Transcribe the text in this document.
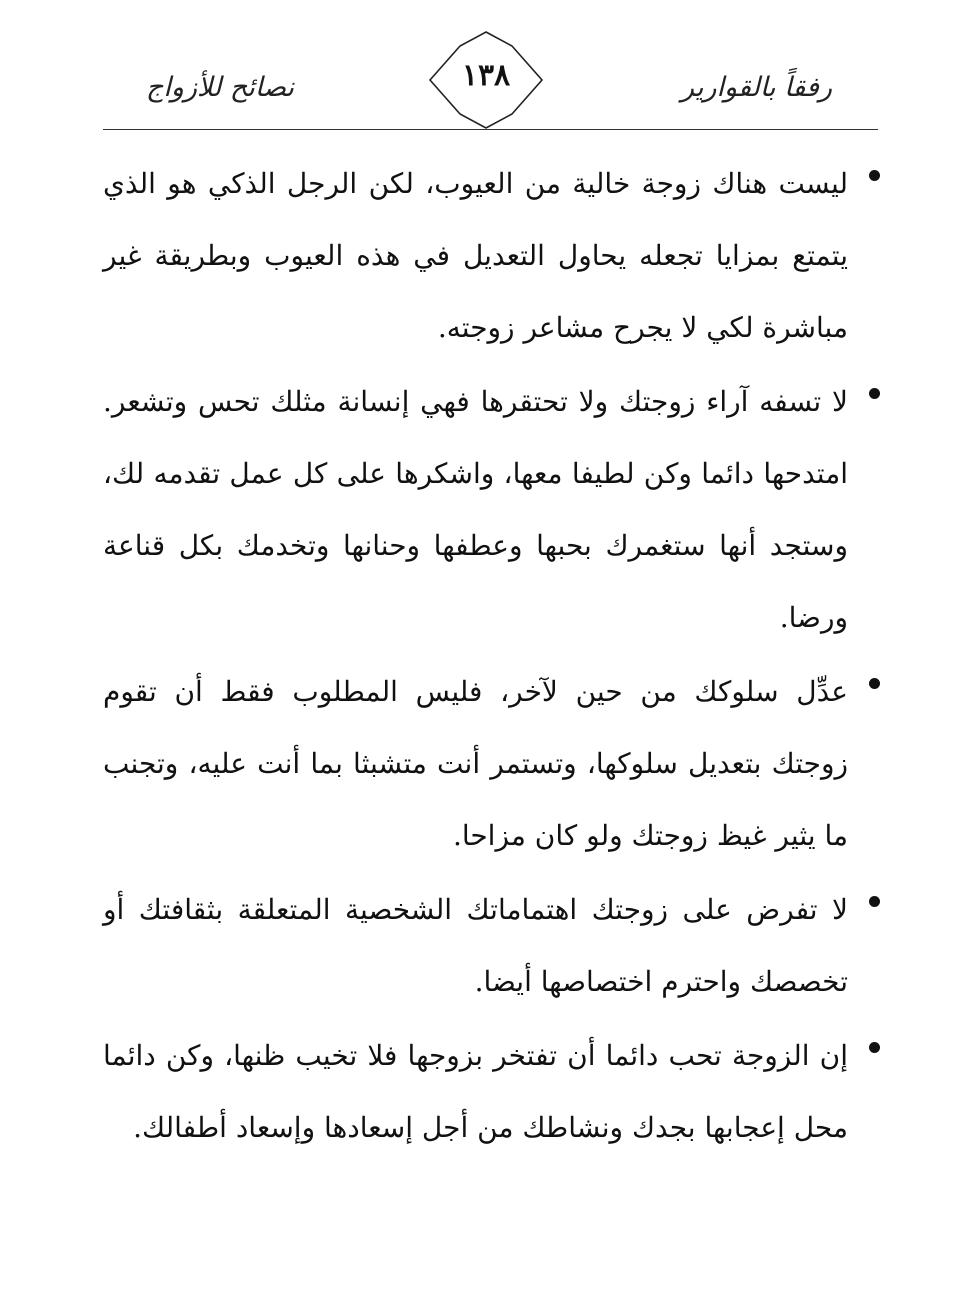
رفقاً بالقوارير
١٣٨
نصائح للأزواج

ليست هناك زوجة خالية من العيوب، لكن الرجل الذكي هو الذي يتمتع بمزايا تجعله يحاول التعديل في هذه العيوب وبطريقة غير مباشرة لكي لا يجرح مشاعر زوجته.

لا تسفه آراء زوجتك ولا تحتقرها فهي إنسانة مثلك تحس وتشعر. امتدحها دائما وكن لطيفا معها، واشكرها على كل عمل تقدمه لك، وستجد أنها ستغمرك بحبها وعطفها وحنانها وتخدمك بكل قناعة ورضا.

عدِّل سلوكك من حين لآخر، فليس المطلوب فقط أن تقوم زوجتك بتعديل سلوكها، وتستمر أنت متشبثا بما أنت عليه، وتجنب ما يثير غيظ زوجتك ولو كان مزاحا.

لا تفرض على زوجتك اهتماماتك الشخصية المتعلقة بثقافتك أو تخصصك واحترم اختصاصها أيضا.

إن الزوجة تحب دائما أن تفتخر بزوجها فلا تخيب ظنها، وكن دائما محل إعجابها بجدك ونشاطك من أجل إسعادها وإسعاد أطفالك.
